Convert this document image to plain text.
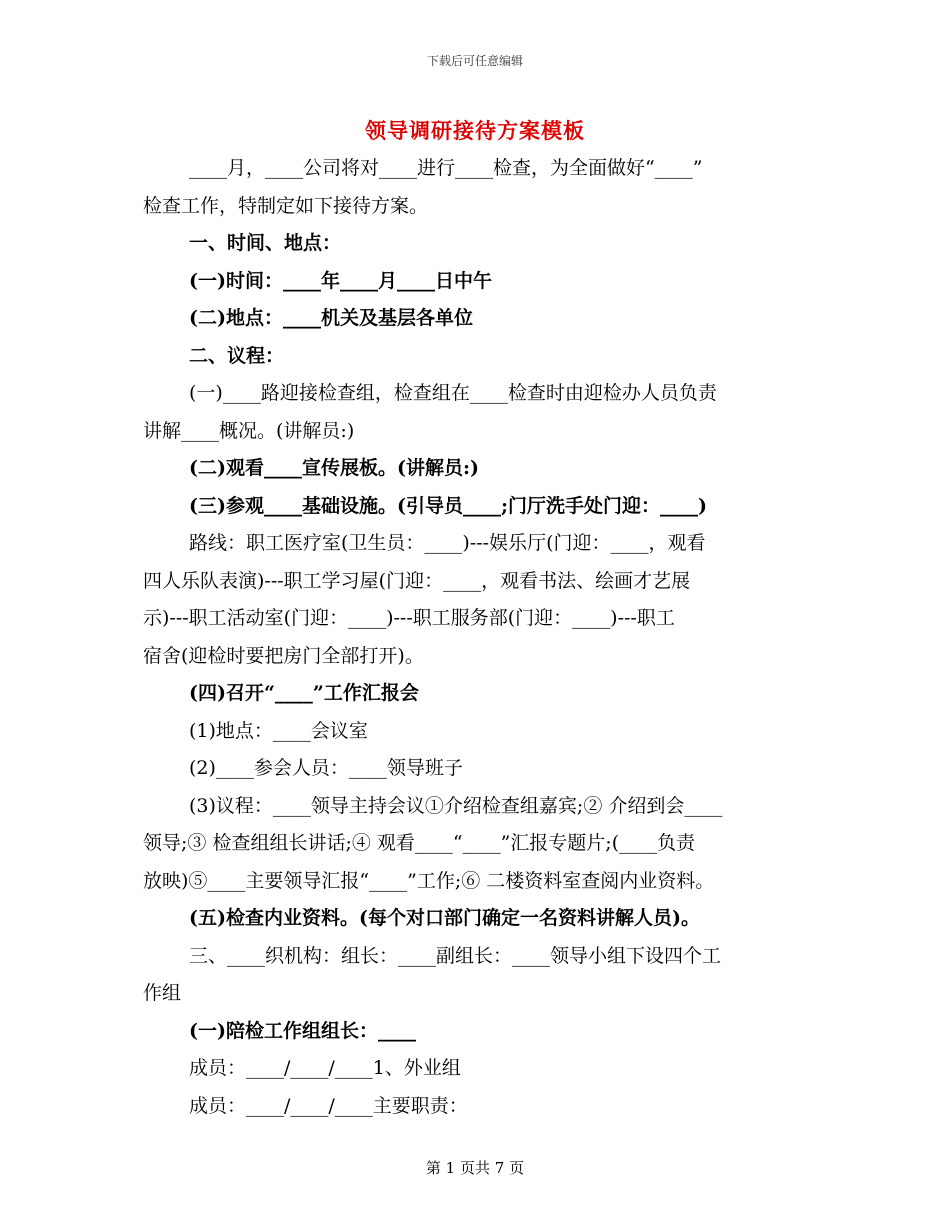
下载后可任意编辑
领导调研接待方案模板

____月，____公司将对____进行____检查，为全面做好“____”

检查工作，特制定如下接待方案。

一、时间、地点：

(一)时间：____年____月____日中午

(二)地点：____机关及基层各单位

二、议程：

(一)____路迎接检查组，检查组在____检查时由迎检办人员负责

讲解____概况。(讲解员:)

(二)观看____宣传展板。(讲解员:)

(三)参观____基础设施。(引导员____;门厅洗手处门迎：____)

路线：职工医疗室(卫生员：____)---娱乐厅(门迎：____，观看

四人乐队表演)---职工学习屋(门迎：____，观看书法、绘画才艺展

示)---职工活动室(门迎：____)---职工服务部(门迎：____)---职工

宿舍(迎检时要把房门全部打开)。

(四)召开“____”工作汇报会

(1)地点：____会议室

(2)____参会人员：____领导班子

(3)议程：____领导主持会议①介绍检查组嘉宾;② 介绍到会____

领导;③ 检查组组长讲话;④ 观看____“____”汇报专题片;(____负责

放映)⑤____主要领导汇报“____”工作;⑥ 二楼资料室查阅内业资料。

(五)检查内业资料。(每个对口部门确定一名资料讲解人员)。

三、____织机构：组长：____副组长：____领导小组下设四个工

作组

(一)陪检工作组组长：____

成员：____/____/____1、外业组

成员：____/____/____主要职责：

第 1 页共 7 页
